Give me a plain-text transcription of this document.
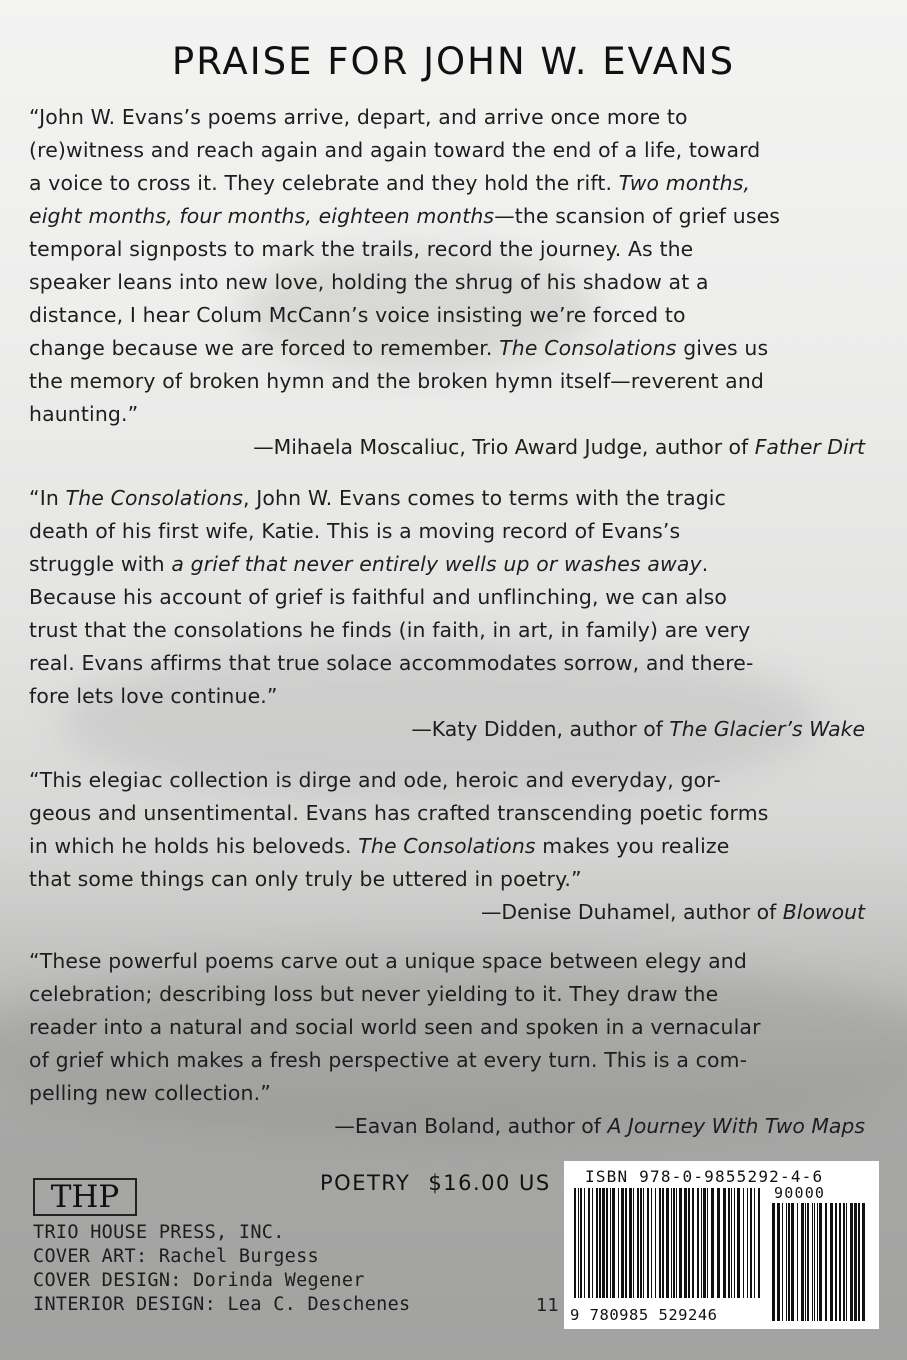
PRAISE FOR JOHN W. EVANS

“John W. Evans’s poems arrive, depart, and arrive once more to

(re)witness and reach again and again toward the end of a life, toward

a voice to cross it. They celebrate and they hold the rift. Two months,

eight months, four months, eighteen months—the scansion of grief uses

temporal signposts to mark the trails, record the journey. As the

speaker leans into new love, holding the shrug of his shadow at a

distance, I hear Colum McCann’s voice insisting we’re forced to

change because we are forced to remember. The Consolations gives us

the memory of broken hymn and the broken hymn itself—reverent and

haunting.”

—Mihaela Moscaliuc, Trio Award Judge, author of Father Dirt

“In The Consolations, John W. Evans comes to terms with the tragic

death of his first wife, Katie. This is a moving record of Evans’s

struggle with a grief that never entirely wells up or washes away.

Because his account of grief is faithful and unflinching, we can also

trust that the consolations he finds (in faith, in art, in family) are very

real. Evans affirms that true solace accommodates sorrow, and there-

fore lets love continue.”

—Katy Didden, author of The Glacier’s Wake

“This elegiac collection is dirge and ode, heroic and everyday, gor-

geous and unsentimental. Evans has crafted transcending poetic forms

in which he holds his beloveds. The Consolations makes you realize

that some things can only truly be uttered in poetry.”

—Denise Duhamel, author of Blowout

“These powerful poems carve out a unique space between elegy and

celebration; describing loss but never yielding to it. They draw the

reader into a natural and social world seen and spoken in a vernacular

of grief which makes a fresh perspective at every turn. This is a com-

pelling new collection.”

—Eavan Boland, author of A Journey With Two Maps
THP
TRIO HOUSE PRESS, INC.
COVER ART: Rachel Burgess
COVER DESIGN: Dorinda Wegener
INTERIOR DESIGN: Lea C. Deschenes
POETRY $16.00 US
11
ISBN 978-0-9855292-4-6
90000
9 780985 529246
